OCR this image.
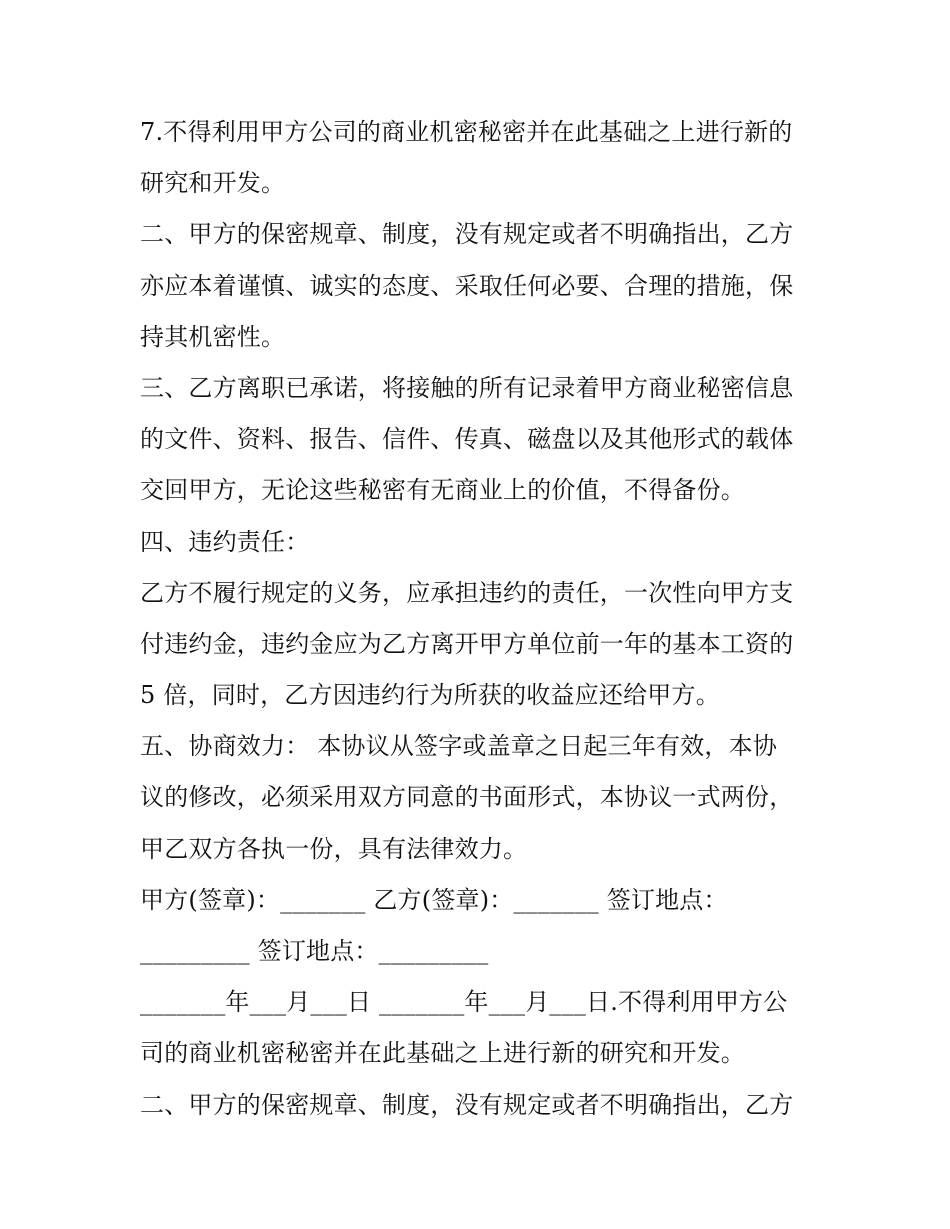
7.不得利用甲方公司的商业机密秘密并在此基础之上进行新的
研究和开发。
二、甲方的保密规章、制度，没有规定或者不明确指出，乙方
亦应本着谨慎、诚实的态度、采取任何必要、合理的措施，保
持其机密性。
三、乙方离职已承诺，将接触的所有记录着甲方商业秘密信息
的文件、资料、报告、信件、传真、磁盘以及其他形式的载体
交回甲方，无论这些秘密有无商业上的价值，不得备份。
四、违约责任：
乙方不履行规定的义务，应承担违约的责任，一次性向甲方支
付违约金，违约金应为乙方离开甲方单位前一年的基本工资的
5 倍，同时，乙方因违约行为所获的收益应还给甲方。
五、协商效力： 本协议从签字或盖章之日起三年有效，本协
议的修改，必须采用双方同意的书面形式，本协议一式两份，
甲乙双方各执一份，具有法律效力。
甲方(签章)：_______ 乙方(签章)：_______ 签订地点：
_________ 签订地点：_________
_______年___月___日 _______年___月___日.不得利用甲方公
司的商业机密秘密并在此基础之上进行新的研究和开发。
二、甲方的保密规章、制度，没有规定或者不明确指出，乙方
